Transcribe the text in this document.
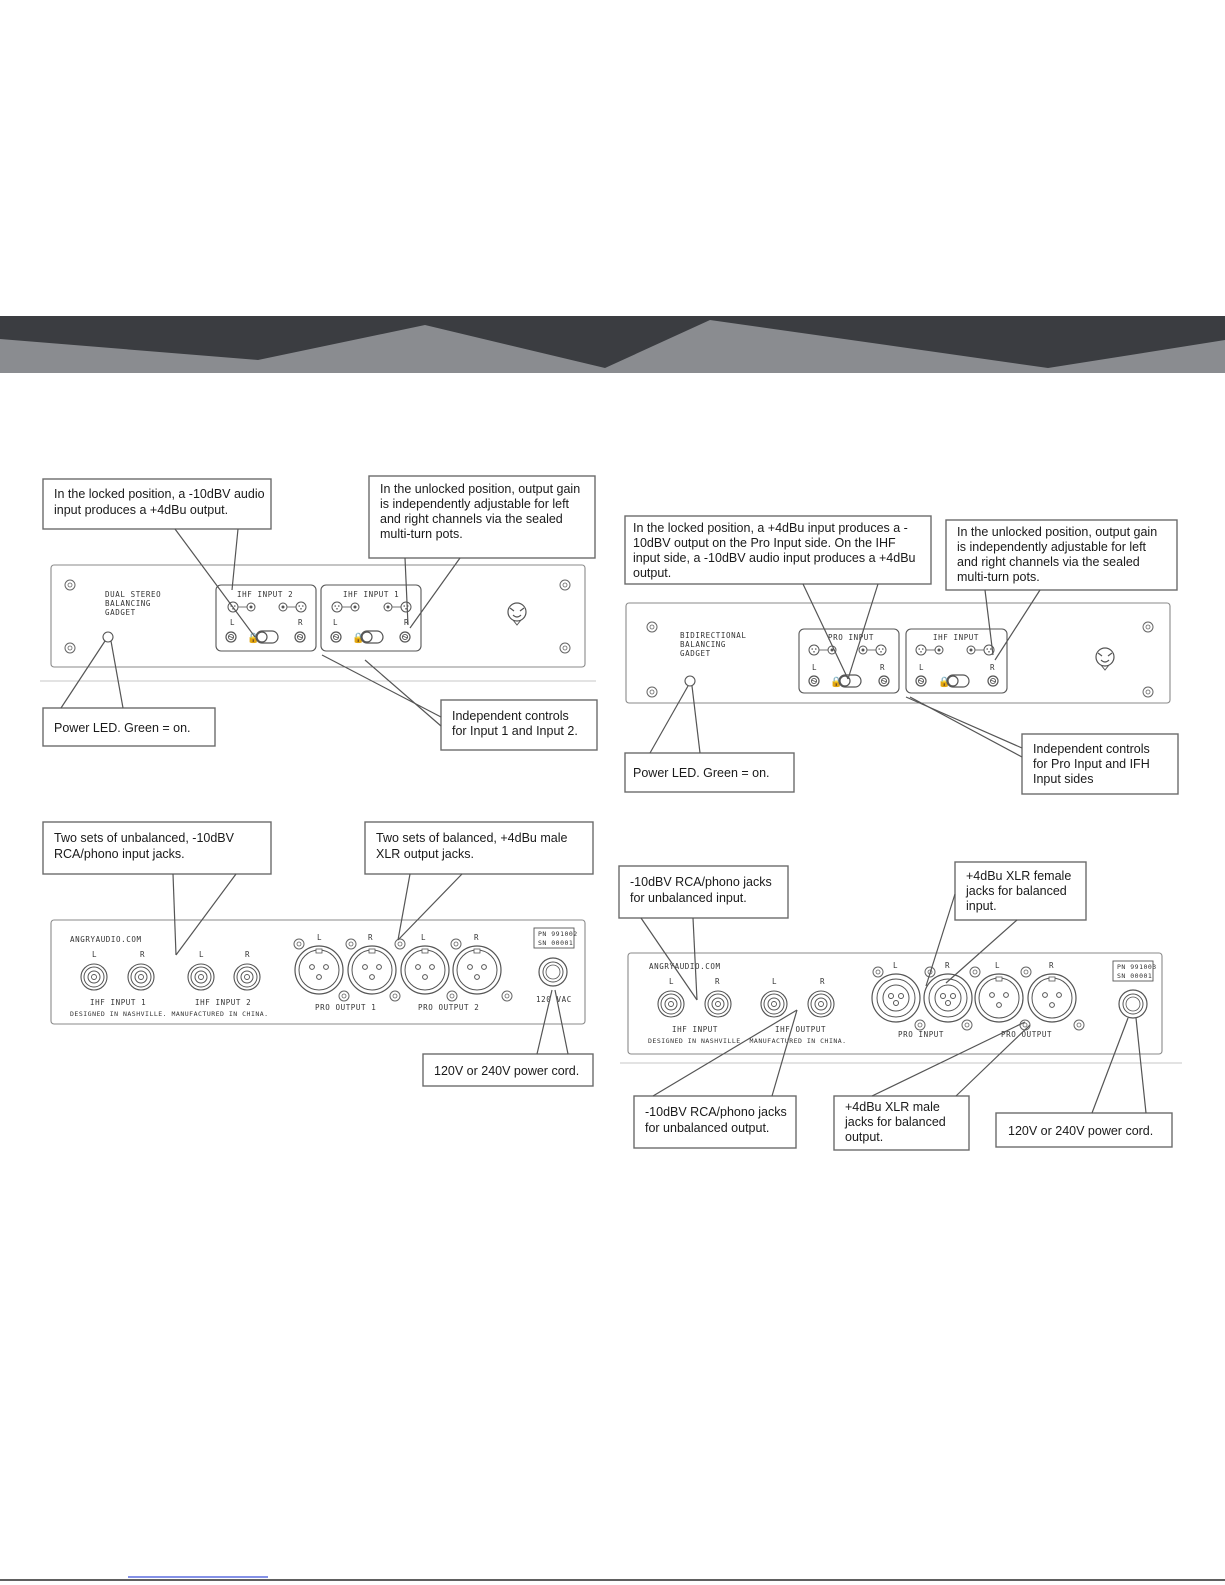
DUAL STEREO
BALANCING
GADGET
IHF INPUT 2
L	R
IHF INPUT 1
L	R
In the locked position, a -10dBV audio
input produces a +4dBu output.
In the unlocked position, output gain
is independently adjustable for left
and right channels via the sealed
multi-turn pots.
Power LED. Green = on.
Independent controls
for Input 1 and Input 2.
BIDIRECTIONAL
BALANCING
GADGET
PRO INPUT
L	R
IHF INPUT
L	R
In the locked position, a +4dBu input produces a -
10dBV output on the Pro Input side. On the IHF
input side, a -10dBV audio input produces a +4dBu
output.
In the unlocked position, output gain
is independently adjustable for left
and right channels via the sealed
multi-turn pots.
Power LED. Green = on.
Independent controls
for Pro Input and IFH
Input sides
ANGRYAUDIO.COM
L	R	L	R
IHF INPUT 1	IHF INPUT 2
DESIGNED IN NASHVILLE. MANUFACTURED IN CHINA.
L	R	L	R
PRO OUTPUT 1	PRO OUTPUT 2
PN 991002
SN 00001
120 VAC
Two sets of unbalanced, -10dBV
RCA/phono input jacks.
Two sets of balanced, +4dBu male
XLR output jacks.
120V or 240V power cord.
ANGRYAUDIO.COM
L	R	L	R
IHF INPUT	IHF OUTPUT
DESIGNED IN NASHVILLE. MANUFACTURED IN CHINA.
L	R	L	R
PRO INPUT	PRO OUTPUT
PN 991003
SN 00001
-10dBV RCA/phono jacks
for unbalanced input.
+4dBu XLR female
jacks for balanced
input.
-10dBV RCA/phono jacks
for unbalanced output.
+4dBu XLR male
jacks for balanced
output.	120V or 240V power cord.
